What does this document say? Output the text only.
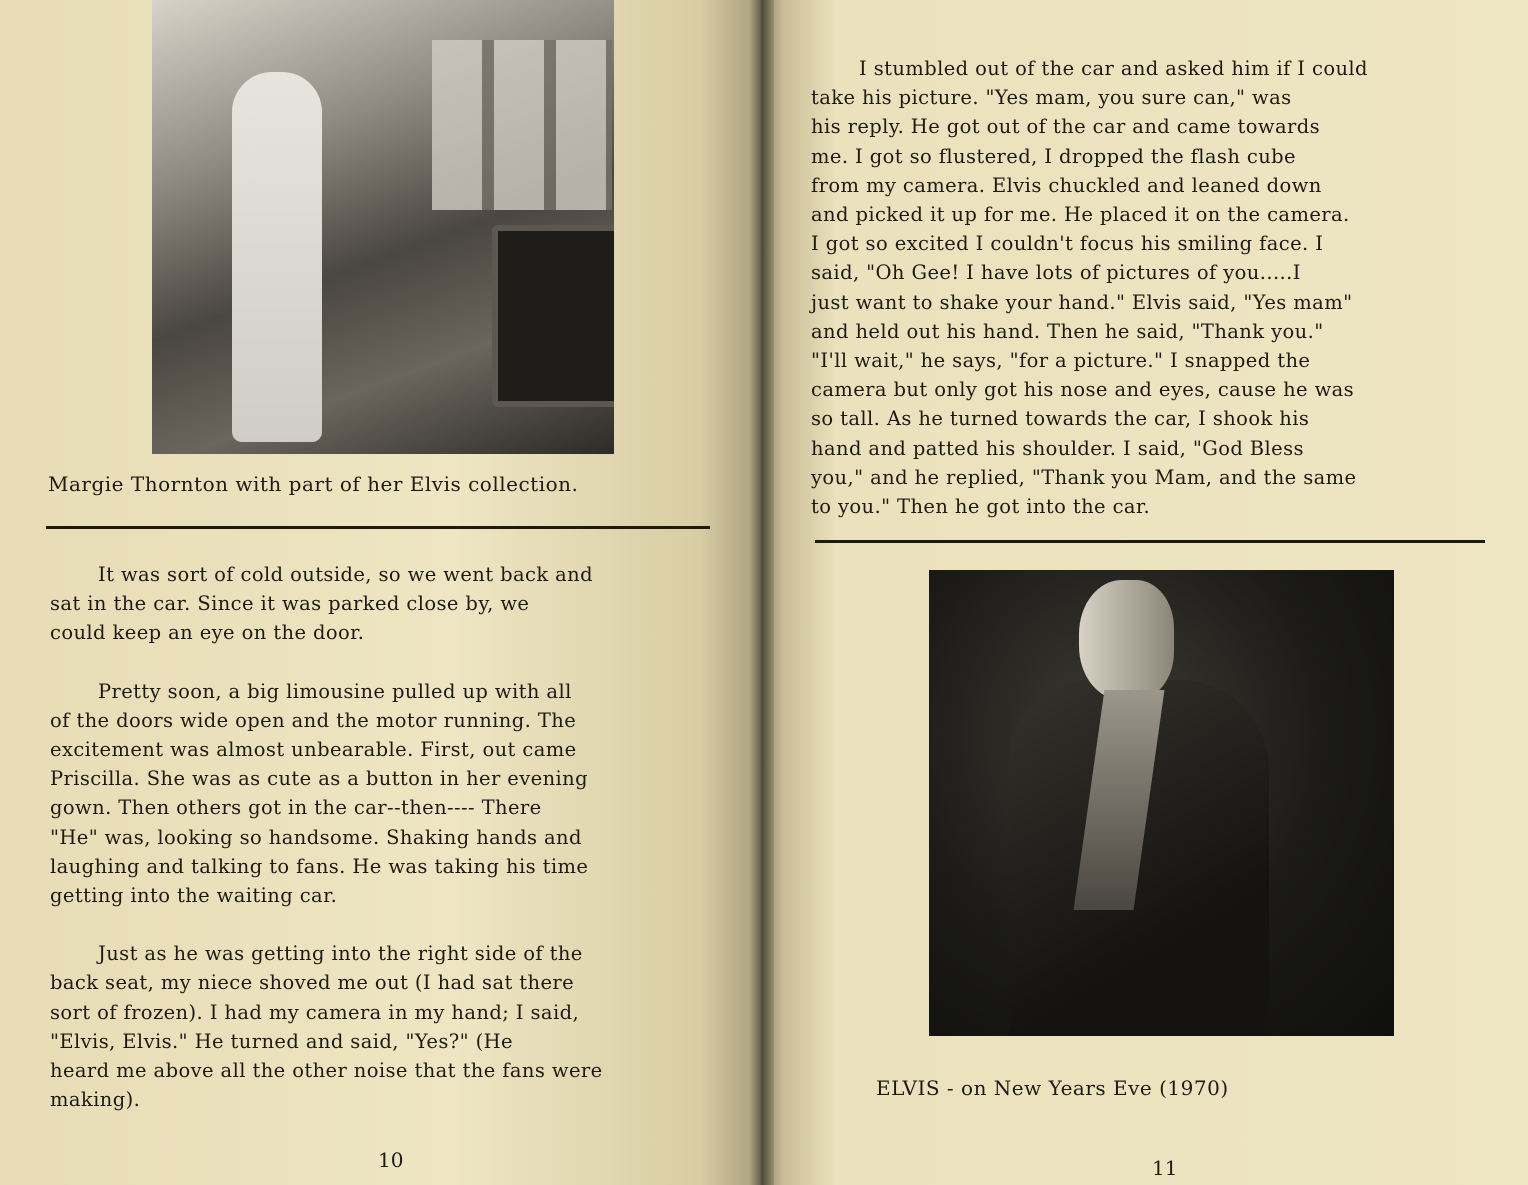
Margie Thornton with part of her Elvis collection.

It was sort of cold outside, so we went back and
sat in the car. Since it was parked close by, we
could keep an eye on the door.

Pretty soon, a big limousine pulled up with all
of the doors wide open and the motor running. The
excitement was almost unbearable. First, out came
Priscilla. She was as cute as a button in her evening
gown. Then others got in the car--then---- There
"He" was, looking so handsome. Shaking hands and
laughing and talking to fans. He was taking his time
getting into the waiting car.

Just as he was getting into the right side of the
back seat, my niece shoved me out (I had sat there
sort of frozen). I had my camera in my hand; I said,
"Elvis, Elvis." He turned and said, "Yes?" (He
heard me above all the other noise that the fans were
making).

10

I stumbled out of the car and asked him if I could
take his picture. "Yes mam, you sure can," was
his reply. He got out of the car and came towards
me. I got so flustered, I dropped the flash cube
from my camera. Elvis chuckled and leaned down
and picked it up for me. He placed it on the camera.
I got so excited I couldn't focus his smiling face. I
said, "Oh Gee! I have lots of pictures of you.....I
just want to shake your hand." Elvis said, "Yes mam"
and held out his hand. Then he said, "Thank you."
"I'll wait," he says, "for a picture." I snapped the
camera but only got his nose and eyes, cause he was
so tall. As he turned towards the car, I shook his
hand and patted his shoulder. I said, "God Bless
you," and he replied, "Thank you Mam, and the same
to you." Then he got into the car.

ELVIS - on New Years Eve (1970)
11
